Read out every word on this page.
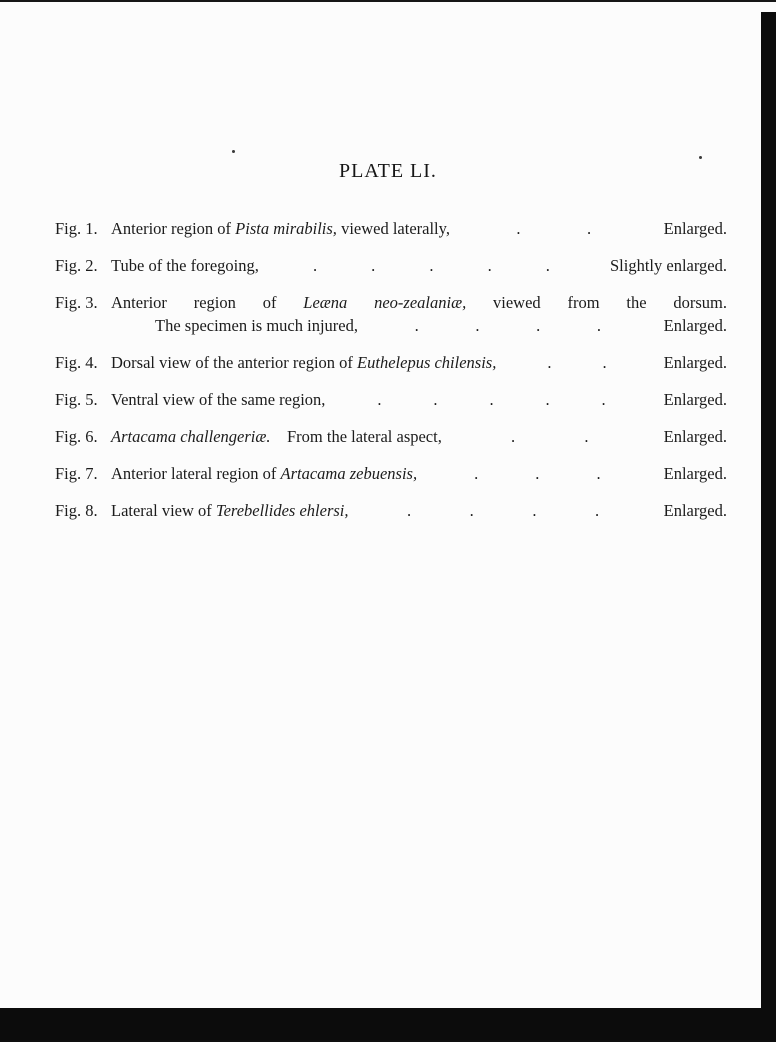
PLATE LI.
Fig. 1. Anterior region of Pista mirabilis, viewed laterally,	.	.	Enlarged.
Fig. 2. Tube of the foregoing,	.	.	.	.	.	Slightly enlarged.
Fig. 3. Anterior region of Leæna neo-zealaniæ, viewed from the dorsum.
The specimen is much injured,	.	.	.	.	Enlarged.
Fig. 4. Dorsal view of the anterior region of Euthelepus chilensis,	.	.	Enlarged.
Fig. 5. Ventral view of the same region,	.	.	.	.	.	Enlarged.
Fig. 6. Artacama challengeriæ. From the lateral aspect,	.	.	Enlarged.
Fig. 7. Anterior lateral region of Artacama zebuensis,	.	.	.	Enlarged.
Fig. 8. Lateral view of Terebellides ehlersi,	.	.	.	.	Enlarged.
